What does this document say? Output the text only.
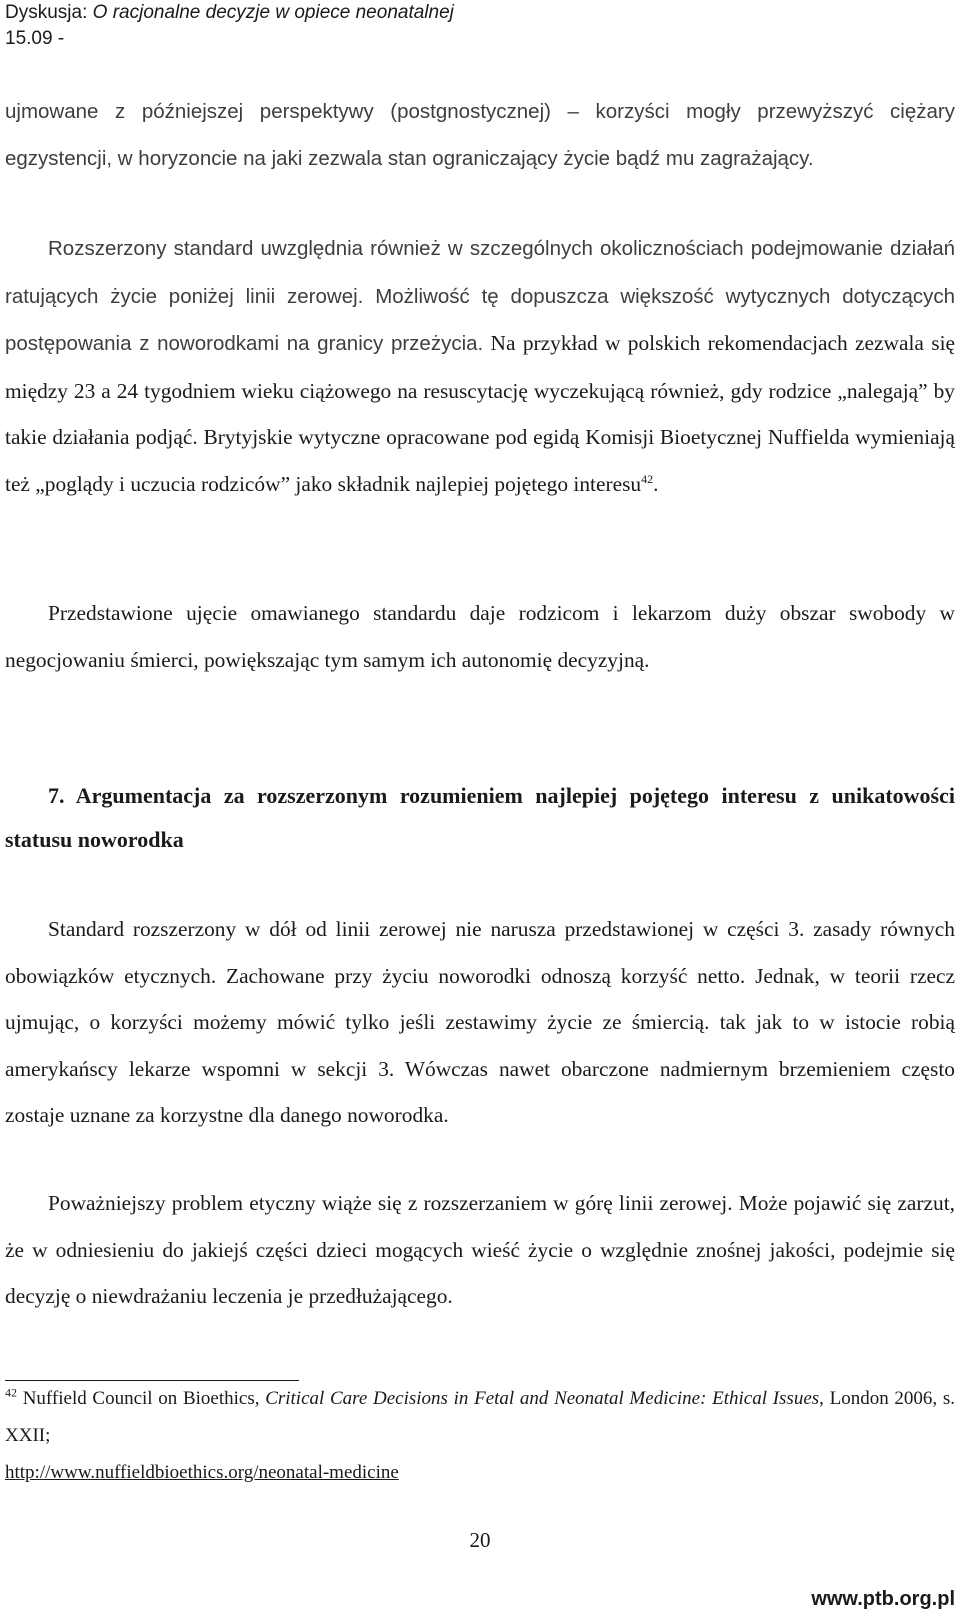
Dyskusja: O racjonalne decyzje w opiece neonatalnej
15.09 -
ujmowane z późniejszej perspektywy (postgnostycznej) – korzyści mogły przewyższyć ciężary egzystencji, w horyzoncie na jaki zezwala stan ograniczający życie bądź mu zagrażający.
Rozszerzony standard uwzględnia również w szczególnych okolicznościach podejmowanie działań ratujących życie poniżej linii zerowej. Możliwość tę dopuszcza większość wytycznych dotyczących postępowania z noworodkami na granicy przeżycia. Na przykład w polskich rekomendacjach zezwala się między 23 a 24 tygodniem wieku ciążowego na resuscytację wyczekującą również, gdy rodzice „nalegają” by takie działania podjąć. Brytyjskie wytyczne opracowane pod egidą Komisji Bioetycznej Nuffielda wymieniają też „poglądy i uczucia rodziców” jako składnik najlepiej pojętego interesu$^{42}$.
Przedstawione ujęcie omawianego standardu daje rodzicom i lekarzom duży obszar swobody w negocjowaniu śmierci, powiększając tym samym ich autonomię decyzyjną.
7. Argumentacja za rozszerzonym rozumieniem najlepiej pojętego interesu z unikatowości statusu noworodka
Standard rozszerzony w dół od linii zerowej nie narusza przedstawionej w części 3. zasady równych obowiązków etycznych. Zachowane przy życiu noworodki odnoszą korzyść netto. Jednak, w teorii rzecz ujmując, o korzyści możemy mówić tylko jeśli zestawimy życie ze śmiercią. tak jak to w istocie robią amerykańscy lekarze wspomni w sekcji 3. Wówczas nawet obarczone nadmiernym brzemieniem często zostaje uznane za korzystne dla danego noworodka.
Poważniejszy problem etyczny wiąże się z rozszerzaniem w górę linii zerowej. Może pojawić się zarzut, że w odniesieniu do jakiejś części dzieci mogących wieść życie o względnie znośnej jakości, podejmie się decyzję o niewdrażaniu leczenia je przedłużającego.
$^{42}$ Nuffield Council on Bioethics, Critical Care Decisions in Fetal and Neonatal Medicine: Ethical Issues, London 2006, s. XXII;
http://www.nuffieldbioethics.org/neonatal-medicine
20
www.ptb.org.pl
